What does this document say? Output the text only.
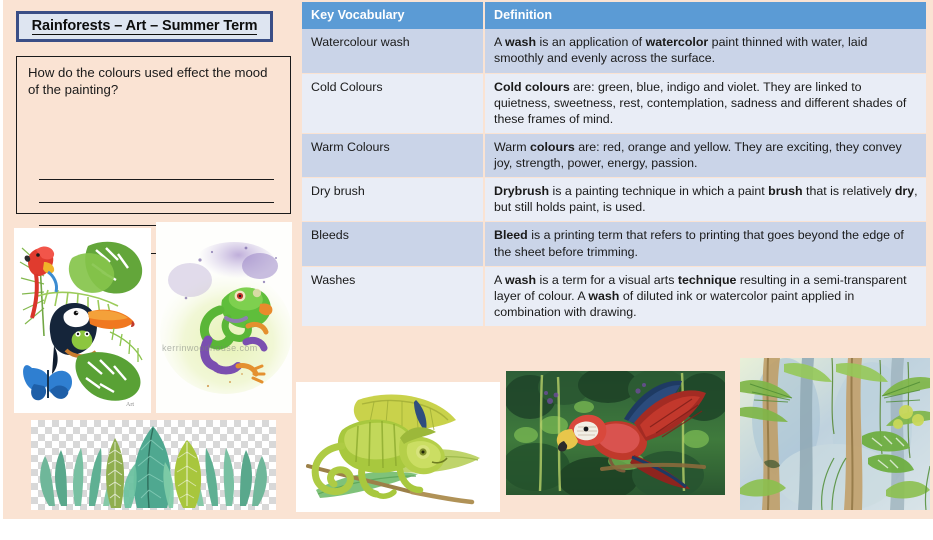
Rainforests – Art – Summer Term
How do the colours used effect the mood of the painting?
Key Vocabulary	Definition
Watercolour wash	A wash is an application of watercolor paint thinned with water, laid smoothly and evenly across the surface.
Cold Colours	Cold colours are: green, blue, indigo and violet. They are linked to quietness, sweetness, rest, contemplation, sadness and different shades of these frames of mind.
Warm Colours	Warm colours are: red, orange and yellow. They are exciting, they convey joy, strength, power, energy, passion.
Dry brush	Drybrush is a painting technique in which a paint brush that is relatively dry, but still holds paint, is used.
Bleeds	Bleed is a printing term that refers to printing that goes beyond the edge of the sheet before trimming.
Washes	A wash is a term for a visual arts technique resulting in a semi-transparent layer of colour. A wash of diluted ink or watercolor paint applied in combination with drawing.
Art
kerrinwoodhouse.com
